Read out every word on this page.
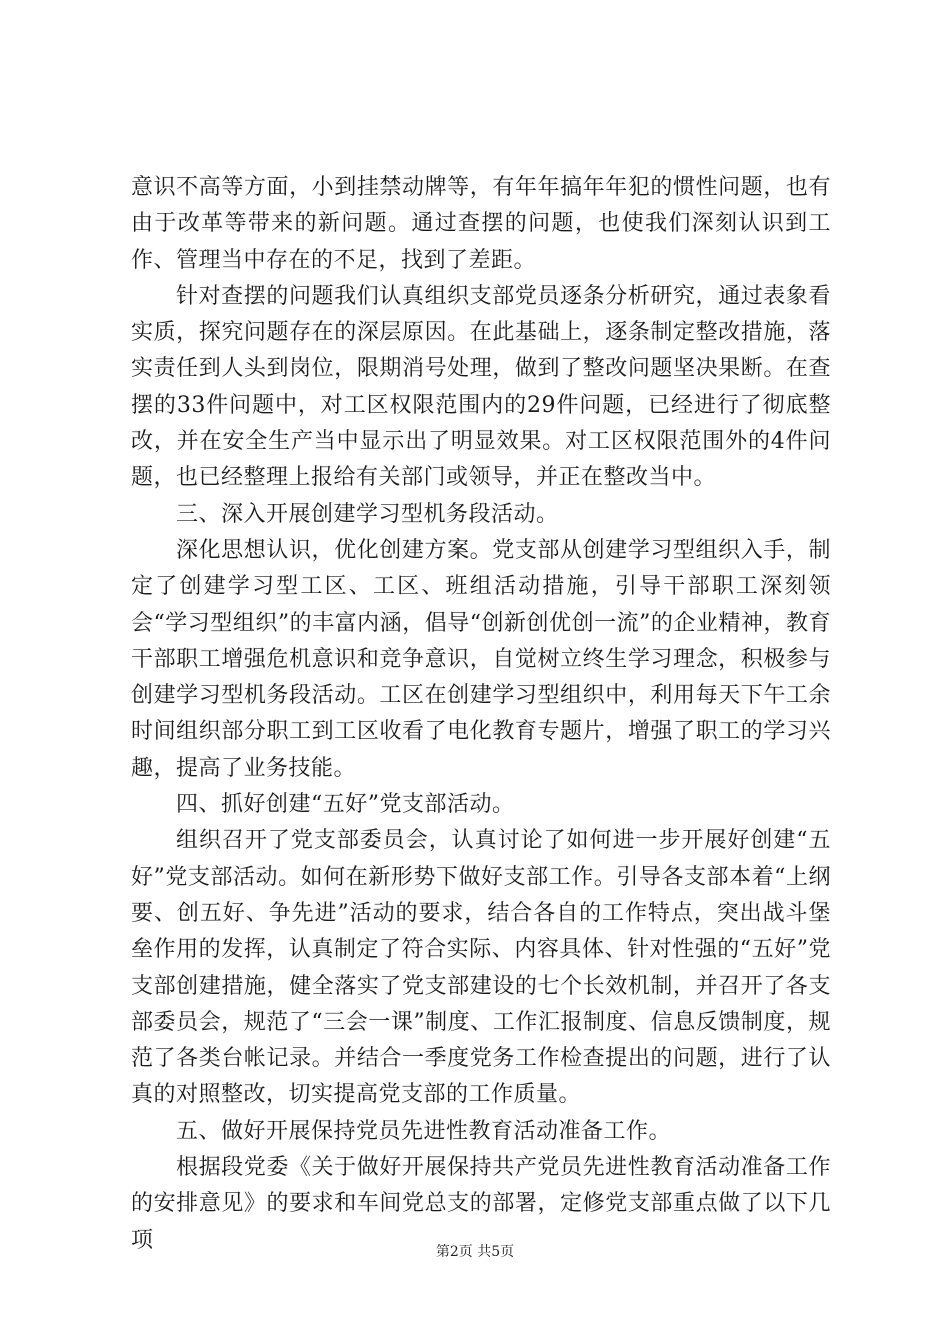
意识不高等方面，小到挂禁动牌等，有年年搞年年犯的惯性问题，也有由于改革等带来的新问题。通过查摆的问题，也使我们深刻认识到工作、管理当中存在的不足，找到了差距。

针对查摆的问题我们认真组织支部党员逐条分析研究，通过表象看实质，探究问题存在的深层原因。在此基础上，逐条制定整改措施，落实责任到人头到岗位，限期消号处理，做到了整改问题坚决果断。在查摆的33件问题中，对工区权限范围内的29件问题，已经进行了彻底整改，并在安全生产当中显示出了明显效果。对工区权限范围外的4件问题，也已经整理上报给有关部门或领导，并正在整改当中。

三、深入开展创建学习型机务段活动。

深化思想认识，优化创建方案。党支部从创建学习型组织入手，制定了创建学习型工区、工区、班组活动措施，引导干部职工深刻领会“学习型组织”的丰富内涵，倡导“创新创优创一流”的企业精神，教育干部职工增强危机意识和竞争意识，自觉树立终生学习理念，积极参与创建学习型机务段活动。工区在创建学习型组织中，利用每天下午工余时间组织部分职工到工区收看了电化教育专题片，增强了职工的学习兴趣，提高了业务技能。

四、抓好创建“五好”党支部活动。

组织召开了党支部委员会，认真讨论了如何进一步开展好创建“五好”党支部活动。如何在新形势下做好支部工作。引导各支部本着“上纲要、创五好、争先进”活动的要求，结合各自的工作特点，突出战斗堡垒作用的发挥，认真制定了符合实际、内容具体、针对性强的“五好”党支部创建措施，健全落实了党支部建设的七个长效机制，并召开了各支部委员会，规范了“三会一课”制度、工作汇报制度、信息反馈制度，规范了各类台帐记录。并结合一季度党务工作检查提出的问题，进行了认真的对照整改，切实提高党支部的工作质量。

五、做好开展保持党员先进性教育活动准备工作。

根据段党委《关于做好开展保持共产党员先进性教育活动准备工作的安排意见》的要求和车间党总支的部署，定修党支部重点做了以下几项	第2页 共5页
